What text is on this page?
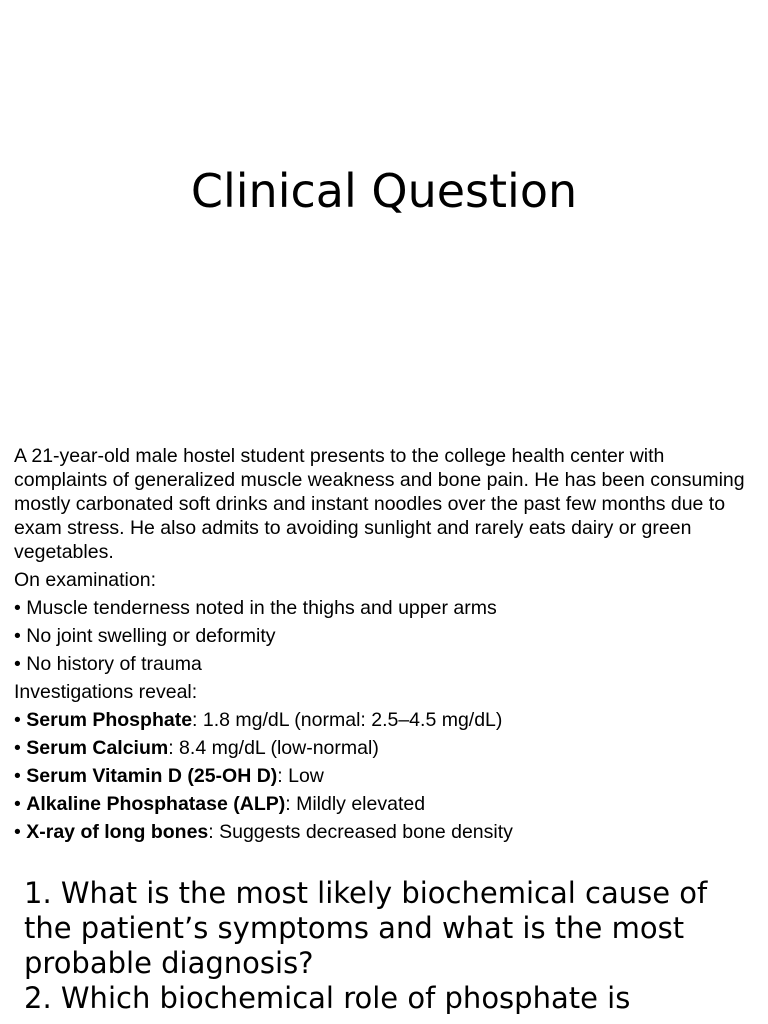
Clinical Question

A 21-year-old male hostel student presents to the college health center with complaints of generalized muscle weakness and bone pain. He has been consuming mostly carbonated soft drinks and instant noodles over the past few months due to exam stress. He also admits to avoiding sunlight and rarely eats dairy or green vegetables.

On examination:

• Muscle tenderness noted in the thighs and upper arms

• No joint swelling or deformity

• No history of trauma

Investigations reveal:

• Serum Phosphate: 1.8 mg/dL (normal: 2.5–4.5 mg/dL)

• Serum Calcium: 8.4 mg/dL (low-normal)

• Serum Vitamin D (25-OH D): Low

• Alkaline Phosphatase (ALP): Mildly elevated

• X-ray of long bones: Suggests decreased bone density

1. What is the most likely biochemical cause of the patient’s symptoms and what is the most probable diagnosis?

2. Which biochemical role of phosphate is
